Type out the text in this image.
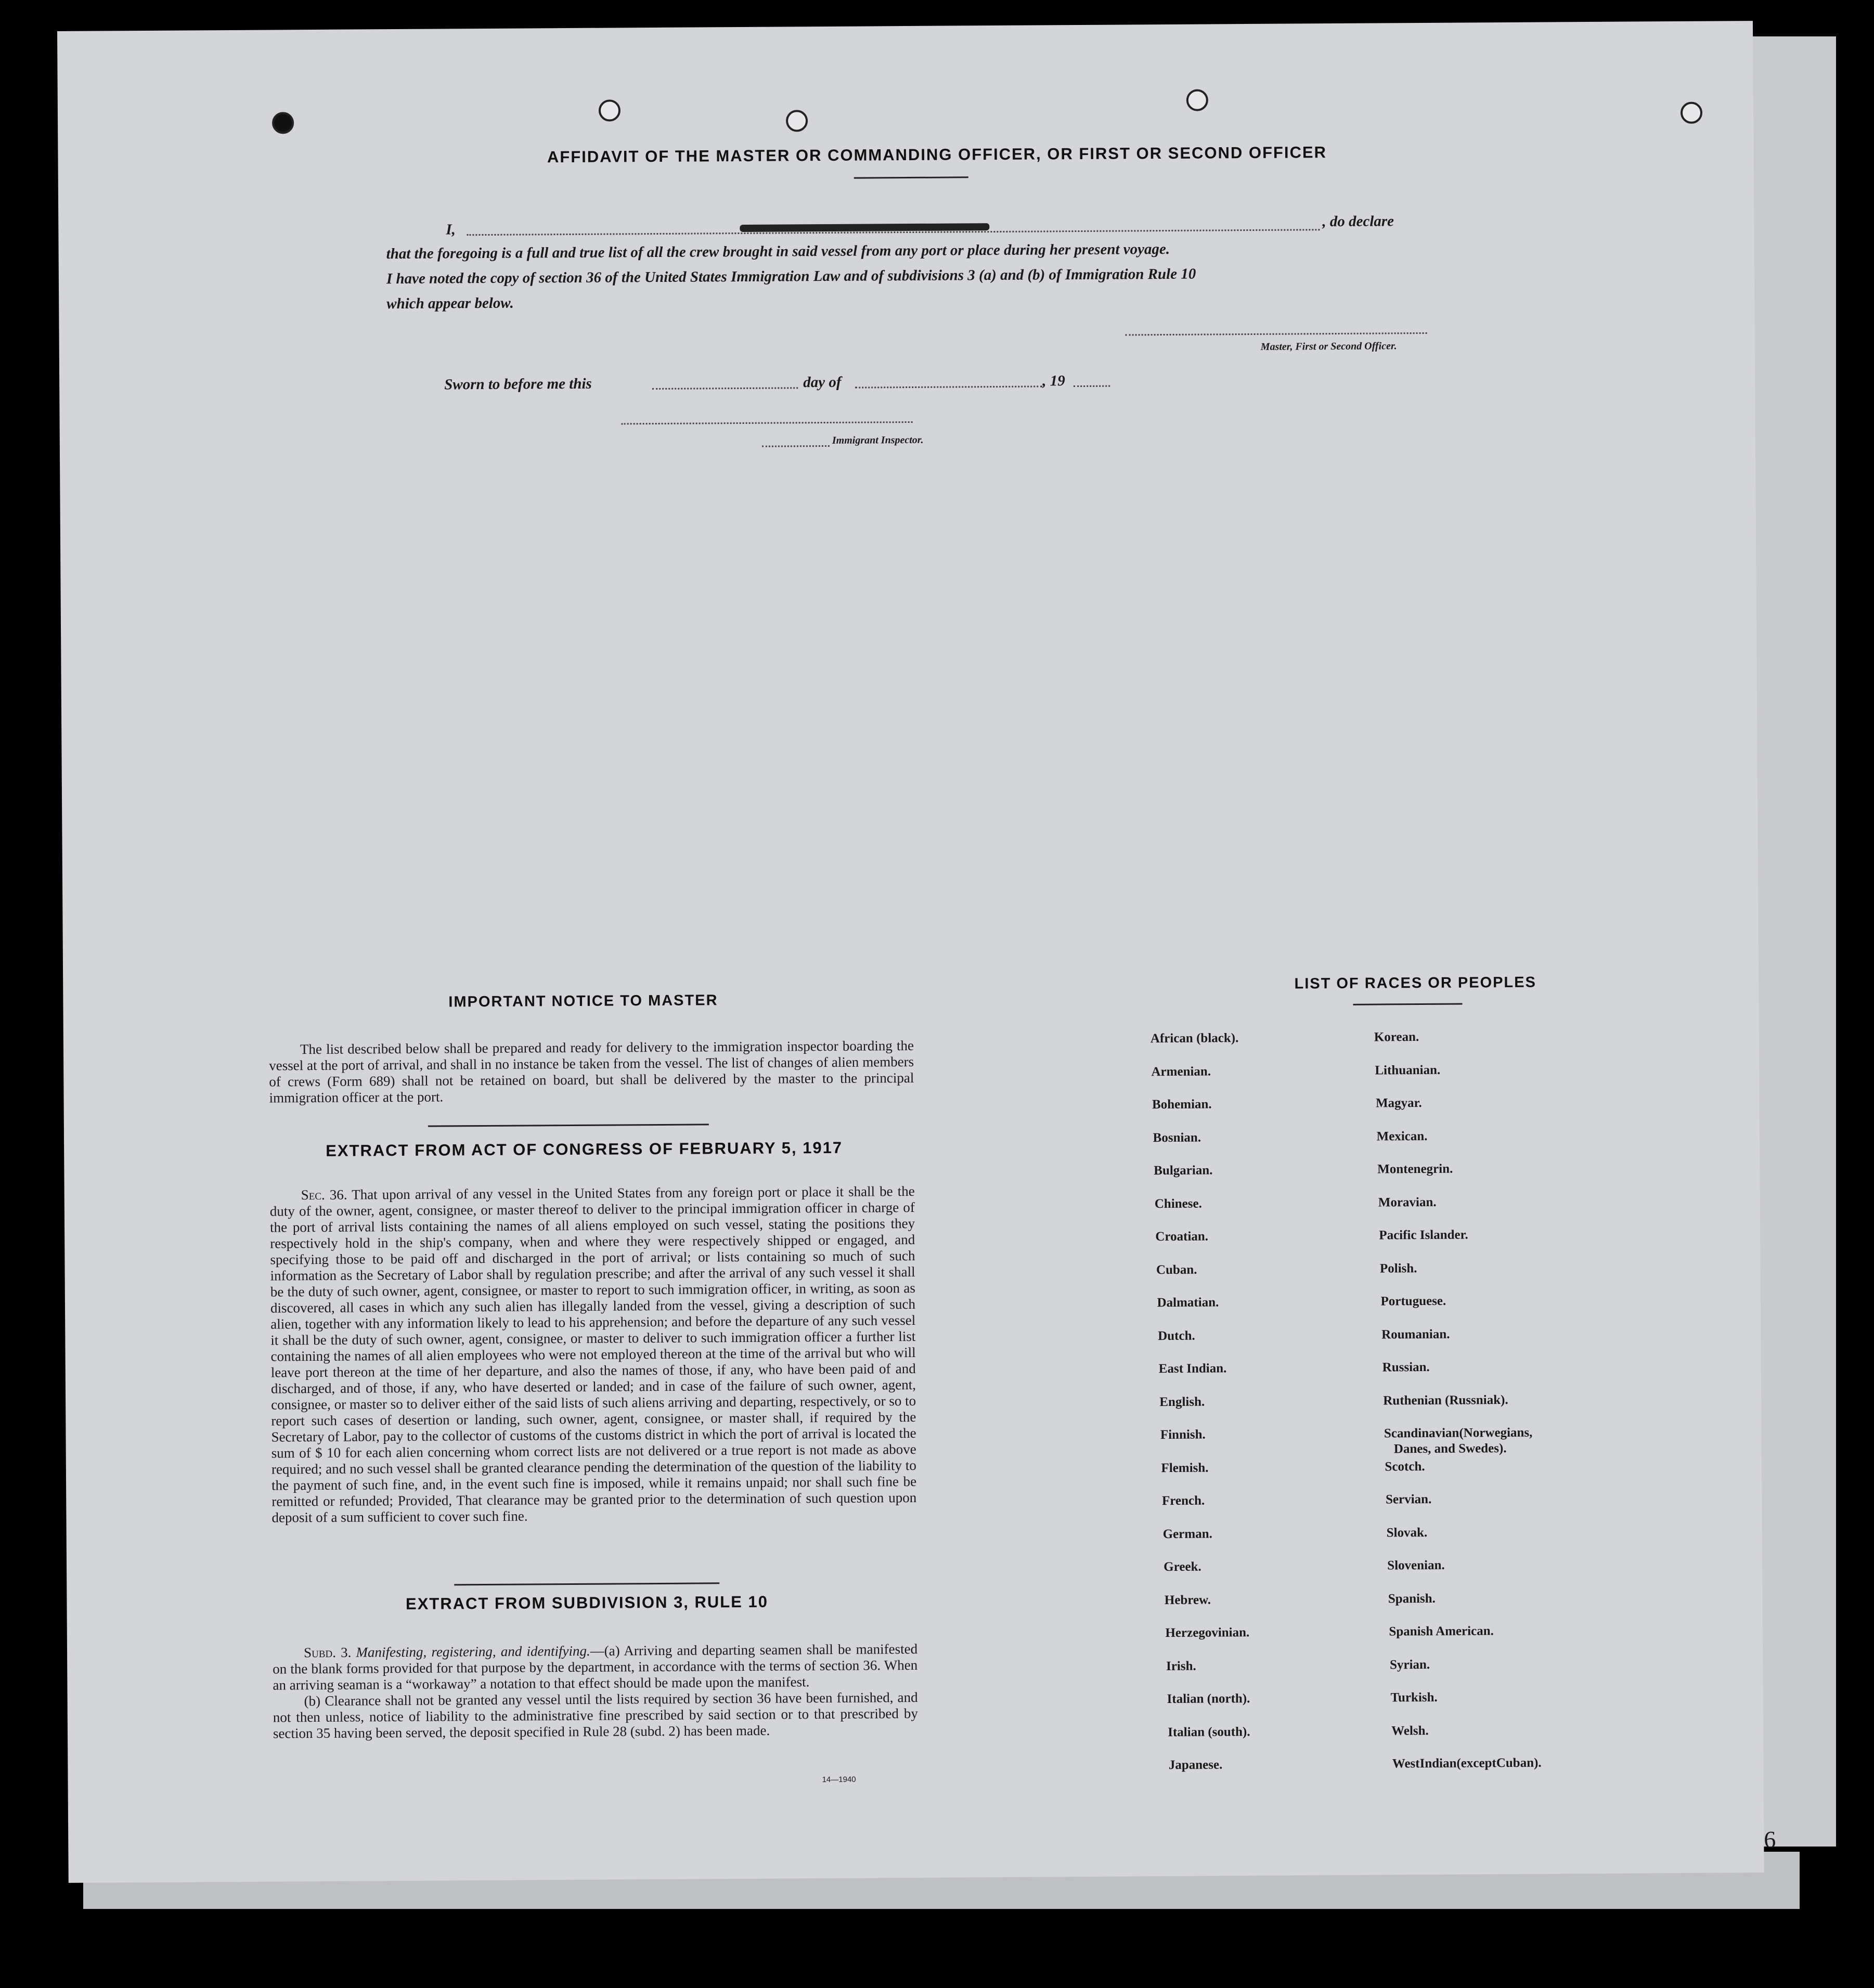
AFFIDAVIT OF THE MASTER OR COMMANDING OFFICER, OR FIRST OR SECOND OFFICER
I,	, do declare
that the foregoing is a full and true list of all the crew brought in said vessel from any port or place during her present voyage.
I have noted the copy of section 36 of the United States Immigration Law and of subdivisions 3 (a) and (b) of Immigration Rule 10
which appear below.
Master, First or Second Officer.
Sworn to before me this	day of	, 19
Immigrant Inspector.
IMPORTANT NOTICE TO MASTER
The list described below shall be prepared and ready for delivery to the immigration inspector boarding the vessel at the port of arrival, and shall in no instance be taken from the vessel. The list of changes of alien members of crews (Form 689) shall not be retained on board, but shall be delivered by the master to the principal immigration officer at the port.
EXTRACT FROM ACT OF CONGRESS OF FEBRUARY 5, 1917
Sec. 36. That upon arrival of any vessel in the United States from any foreign port or place it shall be the duty of the owner, agent, consignee, or master thereof to deliver to the principal immigration officer in charge of the port of arrival lists containing the names of all aliens employed on such vessel, stating the positions they respectively hold in the ship's company, when and where they were respectively shipped or engaged, and specifying those to be paid off and discharged in the port of arrival; or lists containing so much of such information as the Secretary of Labor shall by regulation prescribe; and after the arrival of any such vessel it shall be the duty of such owner, agent, consignee, or master to report to such immigration officer, in writing, as soon as discovered, all cases in which any such alien has illegally landed from the vessel, giving a description of such alien, together with any information likely to lead to his apprehension; and before the departure of any such vessel it shall be the duty of such owner, agent, consignee, or master to deliver to such immigration officer a further list containing the names of all alien employees who were not employed thereon at the time of the arrival but who will leave port thereon at the time of her departure, and also the names of those, if any, who have been paid of and discharged, and of those, if any, who have deserted or landed; and in case of the failure of such owner, agent, consignee, or master so to deliver either of the said lists of such aliens arriving and departing, respectively, or so to report such cases of desertion or landing, such owner, agent, consignee, or master shall, if required by the Secretary of Labor, pay to the collector of customs of the customs district in which the port of arrival is located the sum of $ 10 for each alien concerning whom correct lists are not delivered or a true report is not made as above required; and no such vessel shall be granted clearance pending the determination of the question of the liability to the payment of such fine, and, in the event such fine is imposed, while it remains unpaid; nor shall such fine be remitted or refunded; Provided, That clearance may be granted prior to the determination of such question upon deposit of a sum sufficient to cover such fine.
EXTRACT FROM SUBDIVISION 3, RULE 10
Subd. 3. Manifesting, registering, and identifying.—(a) Arriving and departing seamen shall be manifested on the blank forms provided for that purpose by the department, in accordance with the terms of section 36. When an arriving seaman is a “workaway” a notation to that effect should be made upon the manifest.
(b) Clearance shall not be granted any vessel until the lists required by section 36 have been furnished, and not then unless, notice of liability to the administrative fine prescribed by said section or to that prescribed by section 35 having been served, the deposit specified in Rule 28 (subd. 2) has been made.
14—1940
LIST OF RACES OR PEOPLES
6
African (black).
Armenian.
Bohemian.
Bosnian.
Bulgarian.
Chinese.
Croatian.
Cuban.
Dalmatian.
Dutch.
East Indian.
English.
Finnish.
Flemish.
French.
German.
Greek.
Hebrew.
Herzegovinian.
Irish.
Italian (north).
Italian (south).
Japanese.
Korean.
Lithuanian.
Magyar.
Mexican.
Montenegrin.
Moravian.
Pacific Islander.
Polish.
Portuguese.
Roumanian.
Russian.
Ruthenian (Russniak).
Scandinavian(Norwegians,
Danes, and Swedes).
Scotch.
Servian.
Slovak.
Slovenian.
Spanish.
Spanish American.
Syrian.
Turkish.
Welsh.
WestIndian(exceptCuban).
